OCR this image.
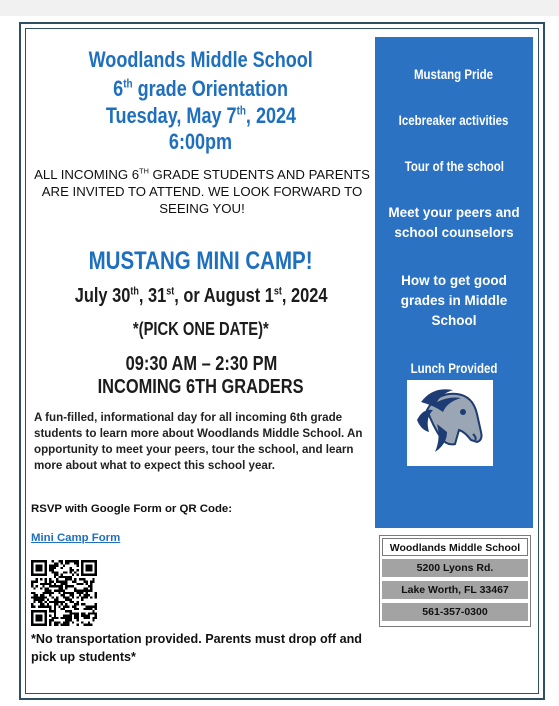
Woodlands Middle School
6th grade Orientation
Tuesday, May 7th, 2024
6:00pm
ALL INCOMING 6TH GRADE STUDENTS AND PARENTS ARE INVITED TO ATTEND. WE LOOK FORWARD TO SEEING YOU!
MUSTANG MINI CAMP!
July 30th, 31st, or August 1st, 2024
*(PICK ONE DATE)*
09:30 AM – 2:30 PM
INCOMING 6TH GRADERS
A fun-filled, informational day for all incoming 6th grade students to learn more about Woodlands Middle School. An opportunity to meet your peers, tour the school, and learn more about what to expect this school year.
RSVP with Google Form or QR Code:
Mini Camp Form
*No transportation provided. Parents must drop off and pick up students*
Mustang Pride
Icebreaker activities
Tour of the school
Meet your peers and school counselors
How to get good grades in Middle School
Lunch Provided
Woodlands Middle School
5200 Lyons Rd.
Lake Worth, FL 33467
561-357-0300
